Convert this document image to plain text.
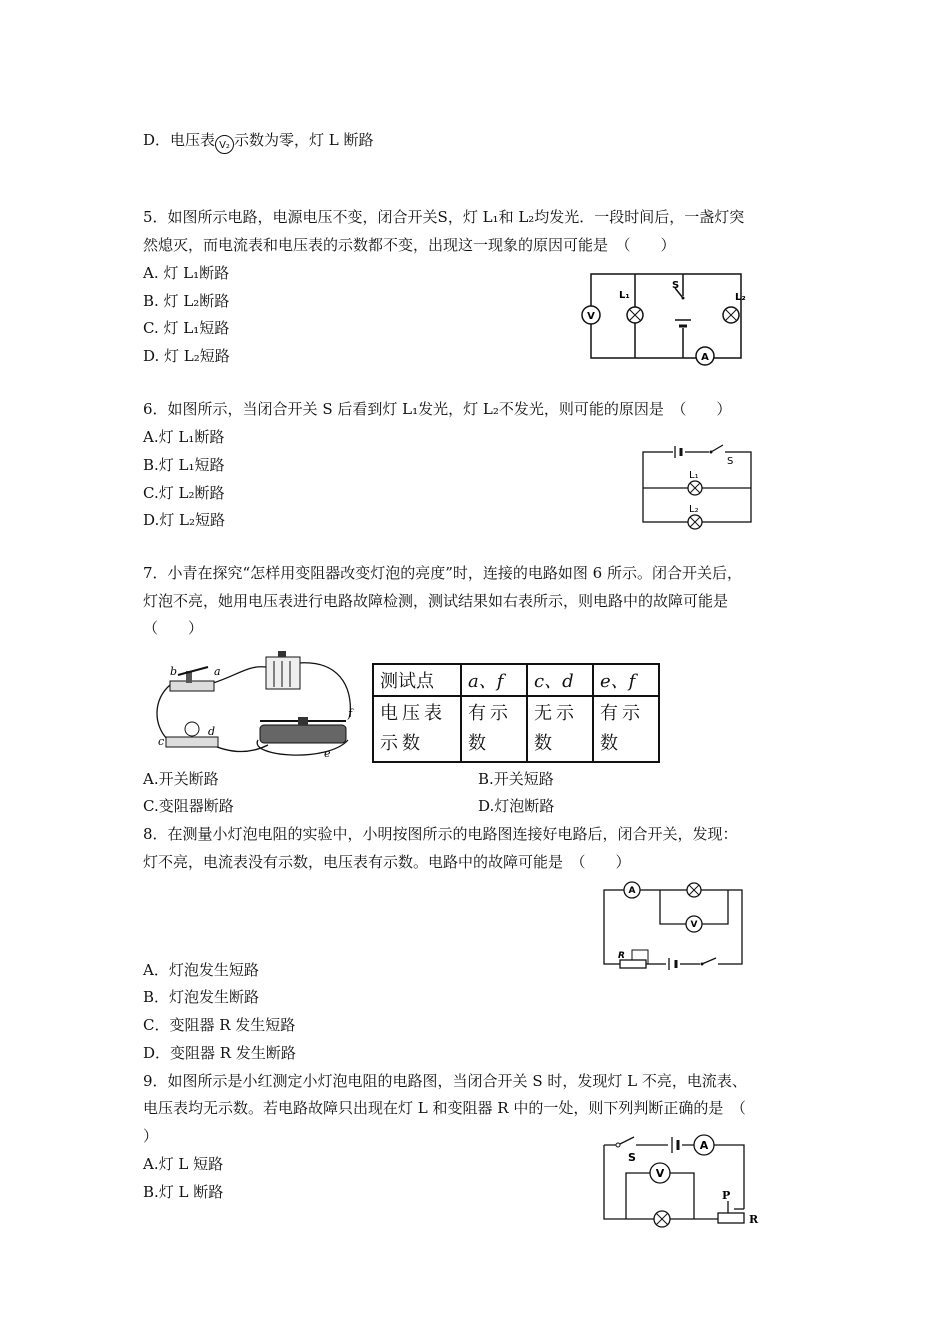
D．电压表 V₂ 示数为零，灯 L 断路
5．如图所示电路，电源电压不变，闭合开关S，灯 L₁和 L₂均发光．一段时间后，一盏灯突
然熄灭，而电流表和电压表的示数都不变，出现这一现象的原因可能是　（　　）
A. 灯 L₁断路
B. 灯 L₂断路
C. 灯 L₁短路
D. 灯 L₂短路
V
L₁
S
L₂
A
6．如图所示，当闭合开关 S 后看到灯 L₁发光，灯 L₂不发光，则可能的原因是　（　　）
A.灯 L₁断路
B.灯 L₁短路
C.灯 L₂断路
D.灯 L₂短路
S
L₁
L₂
7．小青在探究“怎样用变阻器改变灯泡的亮度”时，连接的电路如图 6 所示。闭合开关后，
灯泡不亮，她用电压表进行电路故障检测，测试结果如右表所示，则电路中的故障可能是
（　　）
b	a
c
d
e
f
测试点	a、f	c、d	e、f

电压表示数	有示数	无示数	有示数
A.开关断路	B.开关短路
C.变阻器断路	D.灯泡断路
8．在测量小灯泡电阻的实验中，小明按图所示的电路图连接好电路后，闭合开关，发现：
灯不亮，电流表没有示数，电压表有示数。电路中的故障可能是　（　　）
A
V
R
A．灯泡发生短路
B．灯泡发生断路
C．变阻器 R 发生短路
D．变阻器 R 发生断路
9．如图所示是小红测定小灯泡电阻的电路图，当闭合开关 S 时，发现灯 L 不亮，电流表、
电压表均无示数。若电路故障只出现在灯 L 和变阻器 R 中的一处，则下列判断正确的是　（
）
A.灯 L 短路
B.灯 L 断路
S
A
V
P
R
